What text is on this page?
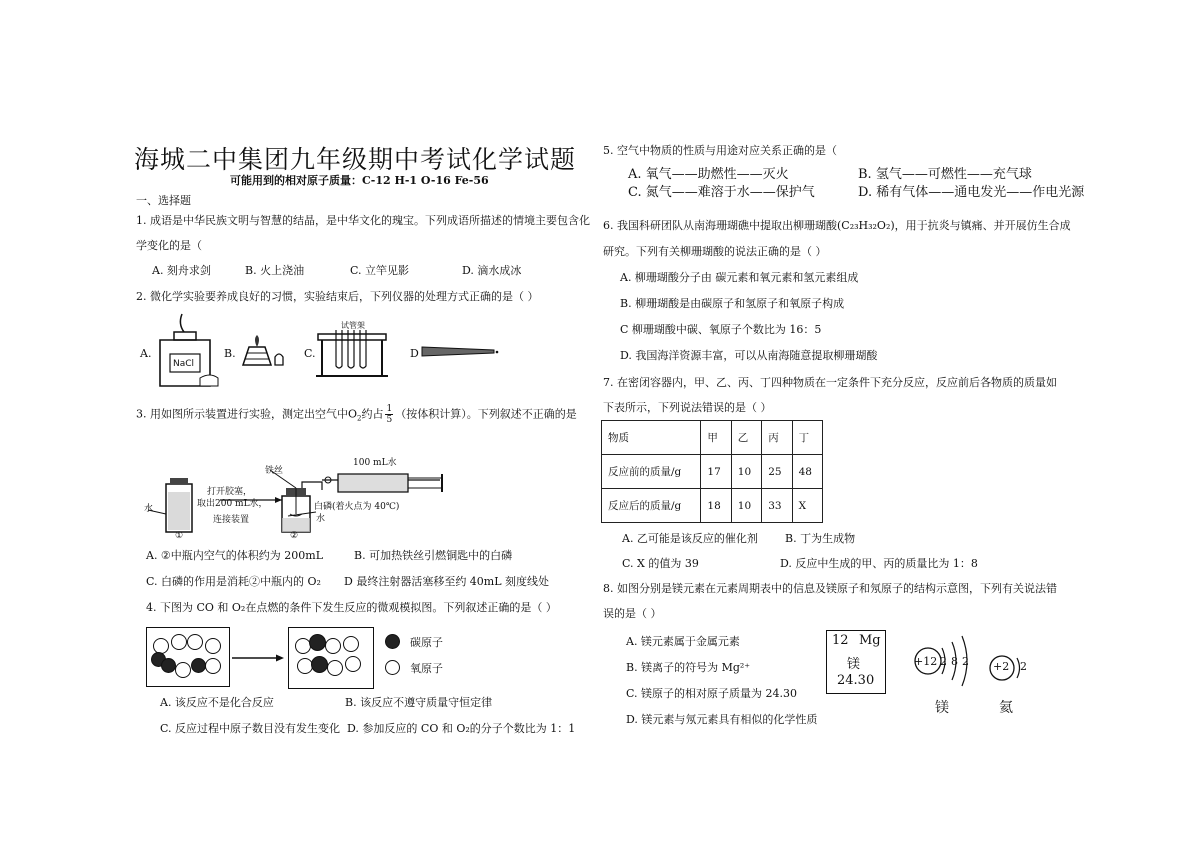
海城二中集团九年级期中考试化学试题
可能用到的相对原子质量：C-12 H-1 O-16 Fe-56
一、选择题
1. 成语是中华民族文明与智慧的结晶，是中华文化的瑰宝。下列成语所描述的情境主要包含化
学变化的是（
A. 刻舟求剑	B. 火上浇油	C. 立竿见影	D. 滴水成冰
2. 微化学实验要养成良好的习惯，实验结束后，下列仪器的处理方式正确的是（ ）
A.	B.	C.	D
NaCl
试管架
3. 用如图所示装置进行实验，测定出空气中$O_2$约占 $\frac{1}{5}$ （按体积计算）。下列叙述不正确的是
水
打开胶塞，
取出200 mL水，
连接装置
铁丝
100 mL水
白磷(着火点为 40℃)
水
①	②
A. ②中瓶内空气的体积约为 200mL	B. 可加热铁丝引燃铜匙中的白磷
C. 白磷的作用是消耗②中瓶内的 O₂ D 最终注射器活塞移至约 40mL 刻度线处
4. 下图为 CO 和 O₂在点燃的条件下发生反应的微观模拟图。下列叙述正确的是（ ）
碳原子
氧原子
A. 该反应不是化合反应	B. 该反应不遵守质量守恒定律
C. 反应过程中原子数目没有发生变化 D. 参加反应的 CO 和 O₂的分子个数比为 1：1
5. 空气中物质的性质与用途对应关系正确的是（
A. 氧气——助燃性——灭火	B. 氢气——可燃性——充气球
C. 氮气——难溶于水——保护气	D. 稀有气体——通电发光——作电光源
6. 我国科研团队从南海珊瑚礁中提取出柳珊瑚酸(C₂₃H₃₂O₂)，用于抗炎与镇痛、并开展仿生合成
研究。下列有关柳珊瑚酸的说法正确的是（ ）
A. 柳珊瑚酸分子由 碳元素和氧元素和氢元素组成
B. 柳珊瑚酸是由碳原子和氢原子和氧原子构成
C 柳珊瑚酸中碳、氧原子个数比为 16：5
D. 我国海洋资源丰富，可以从南海随意提取柳珊瑚酸
7. 在密闭容器内，甲、乙、丙、丁四种物质在一定条件下充分反应，反应前后各物质的质量如
下表所示，下列说法错误的是（ ）
物质	甲	乙	丙	丁
反应前的质量/g	17	10	25	48
反应后的质量/g	18	10	33	X
A. 乙可能是该反应的催化剂 B. 丁为生成物
C. X 的值为 39	D. 反应中生成的甲、丙的质量比为 1：8
8. 如图分别是镁元素在元素周期表中的信息及镁原子和氖原子的结构示意图，下列有关说法错
误的是（ ）
A. 镁元素属于金属元素
B. 镁离子的符号为 Mg²⁺
C. 镁原子的相对原子质量为 24.30
D. 镁元素与氖元素具有相似的化学性质
12 Mg
镁
24.30
+12 2 8 2
镁
+2 2
氦
